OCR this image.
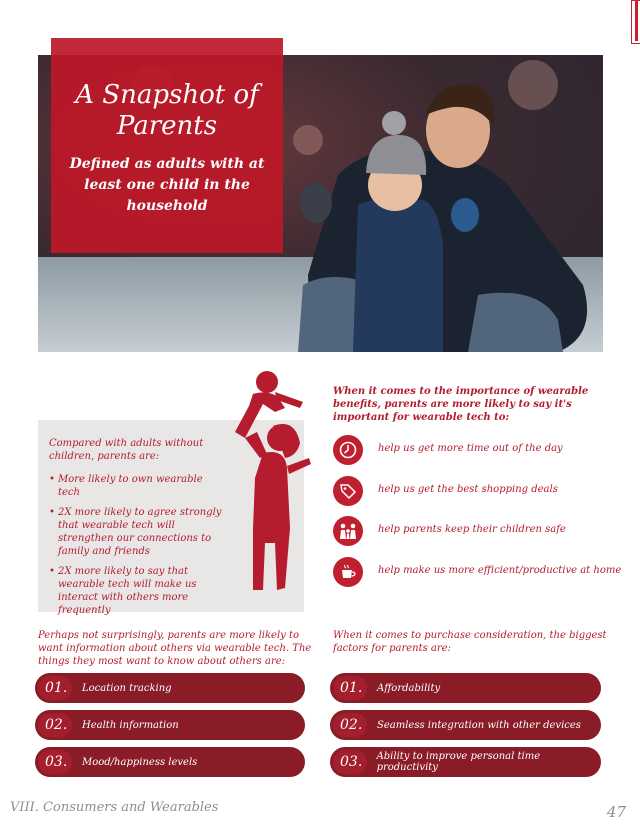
A Snapshot of Parents

Defined as adults with at least one child in the household

Compared with adults without children, parents are:
• More likely to own wearable tech
• 2X more likely to agree strongly that wearable tech will strengthen our connections to family and friends
• 2X more likely to say that wearable tech will make us interact with others more frequently
When it comes to the importance of wearable benefits, parents are more likely to say it's important for wearable tech to:
help us get more time out of the day
help us get the best shopping deals
help parents keep their children safe
help make us more efficient/productive at home
Perhaps not surprisingly, parents are more likely to want information about others via wearable tech. The things they most want to know about others are:
When it comes to purchase consideration, the biggest factors for parents are:
01.	Location tracking
02.	Health information
03.	Mood/happiness levels
01.	Affordability
02.	Seamless integration with other devices
03.	Ability to improve personal time productivity
VIII. Consumers and Wearables	47
